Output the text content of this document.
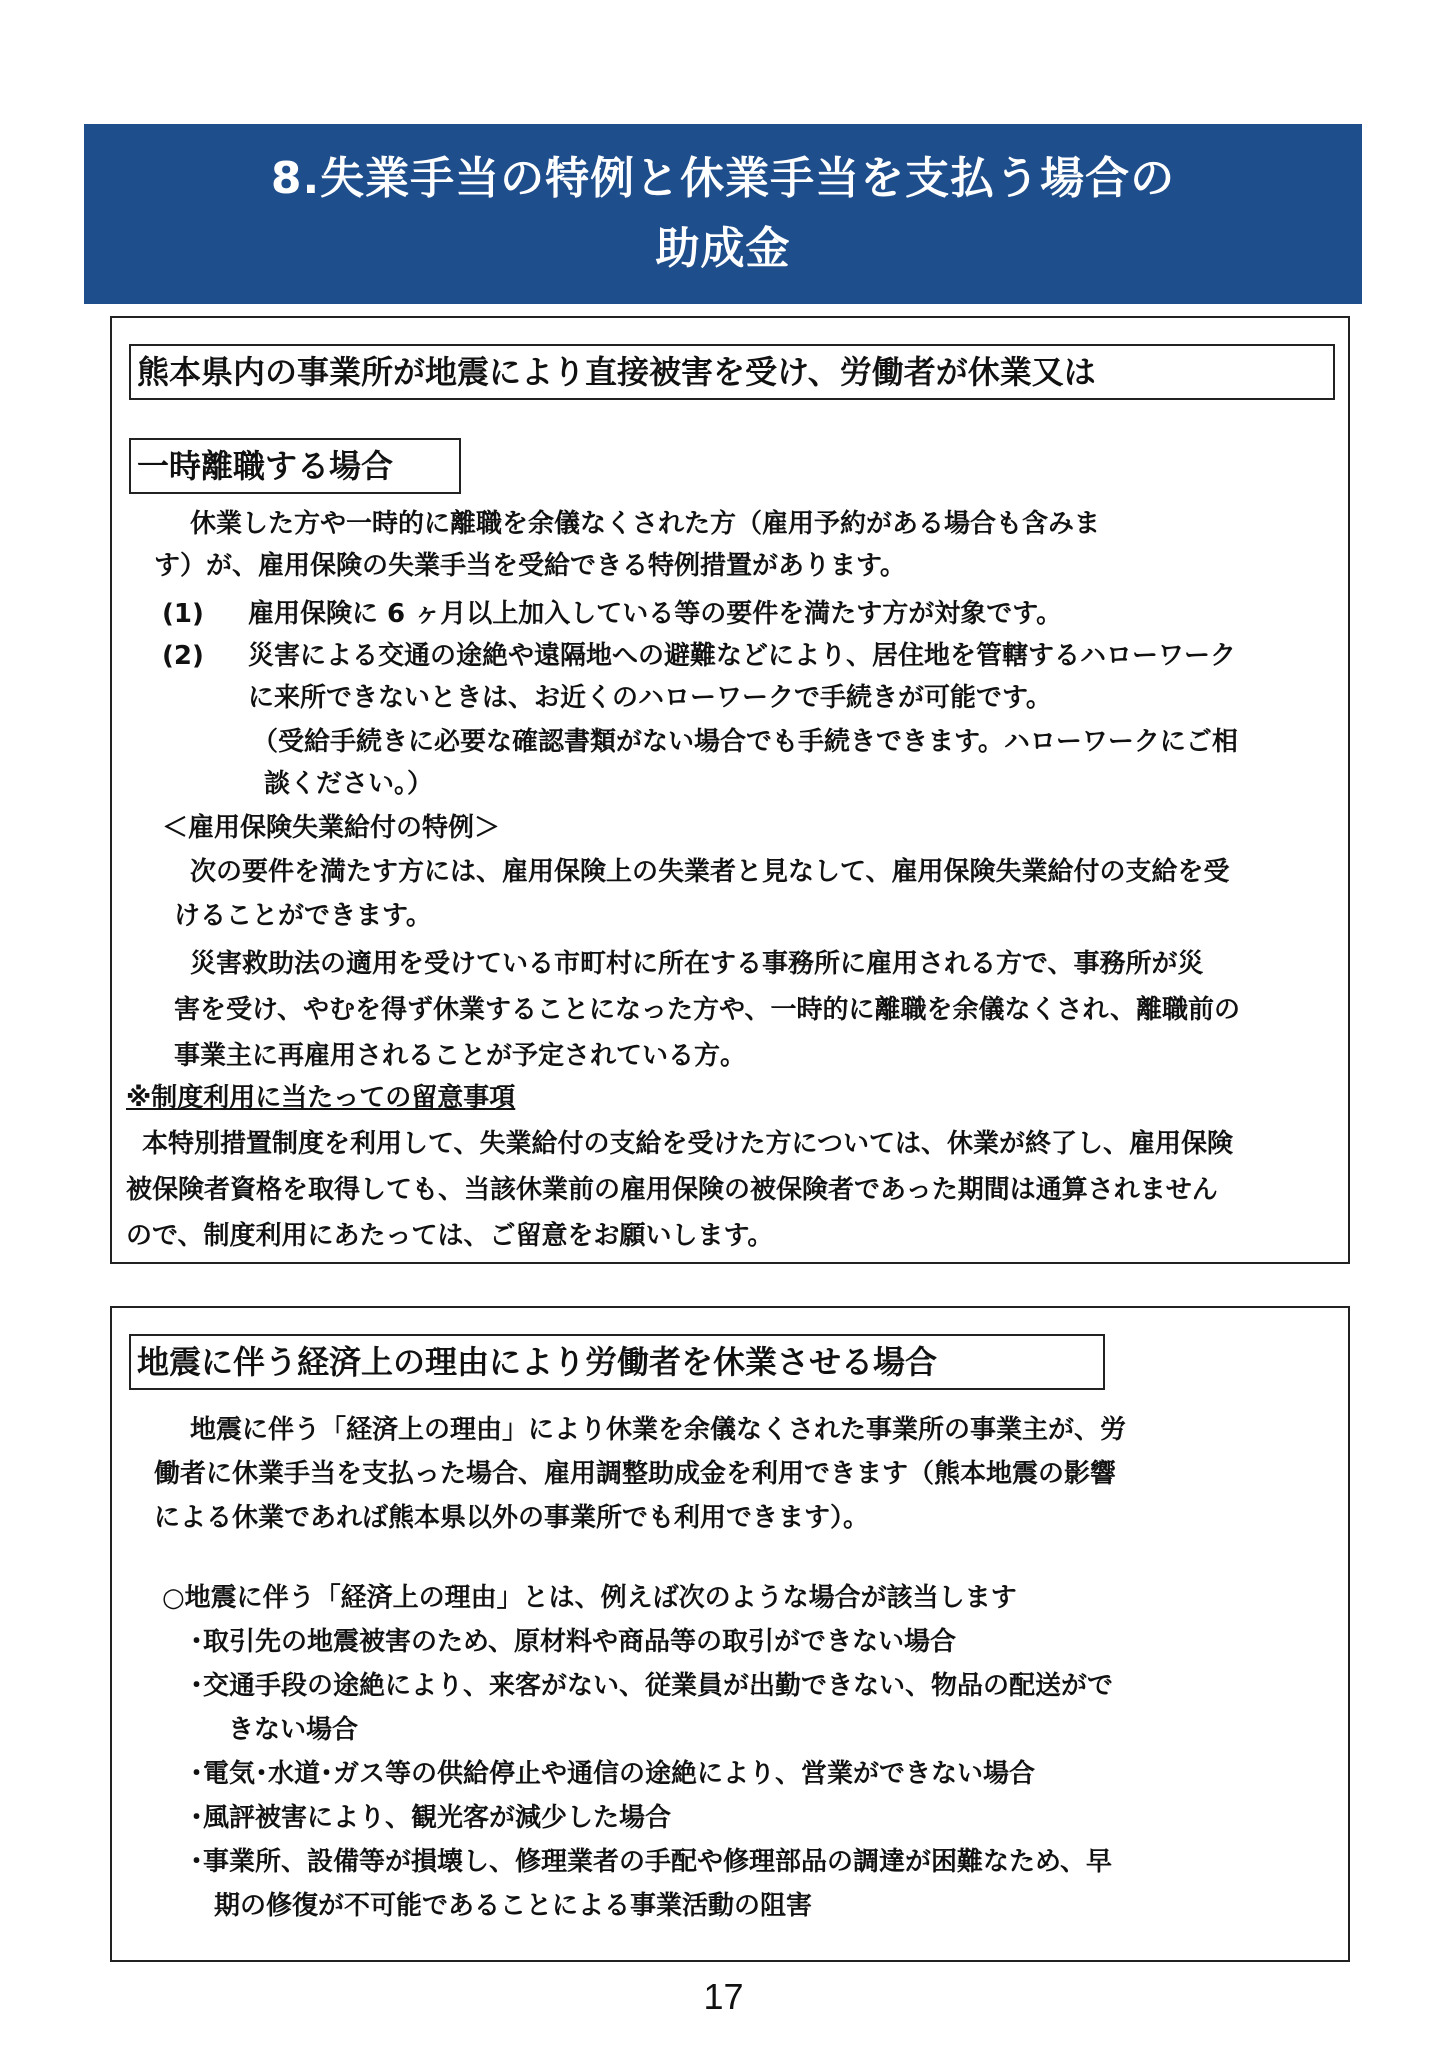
8.失業手当の特例と休業手当を支払う場合の
助成金
熊本県内の事業所が地震により直接被害を受け、労働者が休業又は
一時離職する場合
休業した方や一時的に離職を余儀なくされた方（雇用予約がある場合も含みま
す）が、雇用保険の失業手当を受給できる特例措置があります。
(1) 雇用保険に 6 ヶ月以上加入している等の要件を満たす方が対象です。
(2) 災害による交通の途絶や遠隔地への避難などにより、居住地を管轄するハローワーク
に来所できないときは、お近くのハローワークで手続きが可能です。
（受給手続きに必要な確認書類がない場合でも手続きできます。ハローワークにご相
談ください。）
＜雇用保険失業給付の特例＞
次の要件を満たす方には、雇用保険上の失業者と見なして、雇用保険失業給付の支給を受
けることができます。
災害救助法の適用を受けている市町村に所在する事務所に雇用される方で、事務所が災
害を受け、やむを得ず休業することになった方や、一時的に離職を余儀なくされ、離職前の
事業主に再雇用されることが予定されている方。
※制度利用に当たっての留意事項
本特別措置制度を利用して、失業給付の支給を受けた方については、休業が終了し、雇用保険
被保険者資格を取得しても、当該休業前の雇用保険の被保険者であった期間は通算されません
ので、制度利用にあたっては、ご留意をお願いします。
地震に伴う経済上の理由により労働者を休業させる場合
地震に伴う「経済上の理由」により休業を余儀なくされた事業所の事業主が、労
働者に休業手当を支払った場合、雇用調整助成金を利用できます（熊本地震の影響
による休業であれば熊本県以外の事業所でも利用できます）。
○地震に伴う「経済上の理由」とは、例えば次のような場合が該当します
･取引先の地震被害のため、原材料や商品等の取引ができない場合
･交通手段の途絶により、来客がない、従業員が出勤できない、物品の配送がで
きない場合
･電気･水道･ガス等の供給停止や通信の途絶により、営業ができない場合
･風評被害により、観光客が減少した場合
･事業所、設備等が損壊し、修理業者の手配や修理部品の調達が困難なため、早
期の修復が不可能であることによる事業活動の阻害
17
